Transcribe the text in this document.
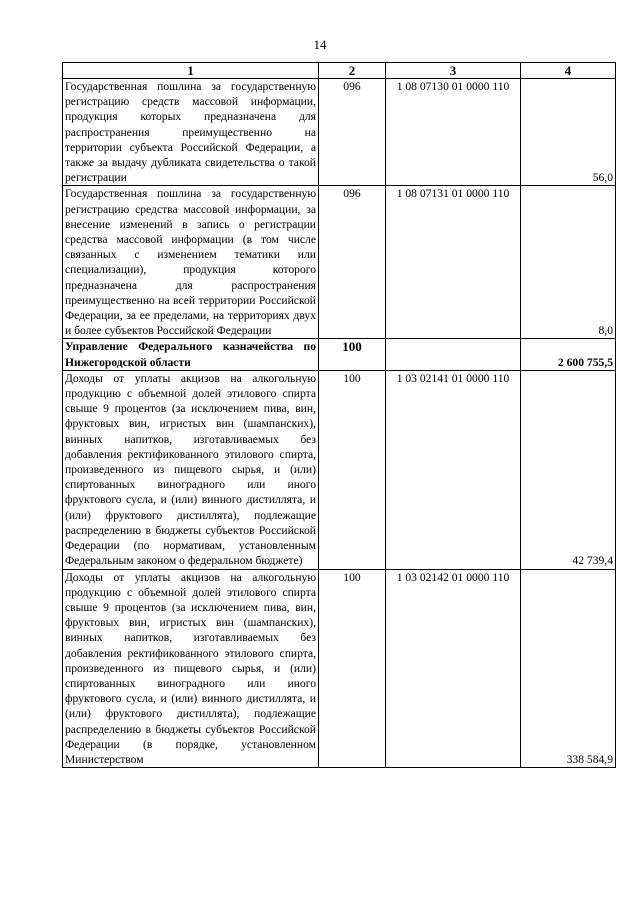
14
1	2	3	4
Государственная пошлина за государственную регистрацию средств массовой информации, продукция которых предназначена для распространения преимущественно на территории субъекта Российской Федерации, а также за выдачу дубликата свидетельства о такой регистрации	096	1 08 07130 01 0000 110	56,0
Государственная пошлина за государственную регистрацию средства массовой информации, за внесение изменений в запись о регистрации средства массовой информации (в том числе связанных с изменением тематики или специализации), продукция которого предназначена для распространения преимущественно на всей территории Российской Федерации, за ее пределами, на территориях двух и более субъектов Российской Федерации	096	1 08 07131 01 0000 110	8,0
Управление Федерального казначейства по Нижегородской области	100		2 600 755,5
Доходы от уплаты акцизов на алкогольную продукцию с объемной долей этилового спирта свыше 9 процентов (за исключением пива, вин, фруктовых вин, игристых вин (шампанских), винных напитков, изготавливаемых без добавления ректификованного этилового спирта, произведенного из пищевого сырья, и (или) спиртованных виноградного или иного фруктового сусла, и (или) винного дистиллята, и (или) фруктового дистиллята), подлежащие распределению в бюджеты субъектов Российской Федерации (по нормативам, установленным Федеральным законом о федеральном бюджете)	100	1 03 02141 01 0000 110	42 739,4
Доходы от уплаты акцизов на алкогольную продукцию с объемной долей этилового спирта свыше 9 процентов (за исключением пива, вин, фруктовых вин, игристых вин (шампанских), винных напитков, изготавливаемых без добавления ректификованного этилового спирта, произведенного из пищевого сырья, и (или) спиртованных виноградного или иного фруктового сусла, и (или) винного дистиллята, и (или) фруктового дистиллята), подлежащие распределению в бюджеты субъектов Российской Федерации (в порядке, установленном Министерством	100	1 03 02142 01 0000 110	338 584,9
